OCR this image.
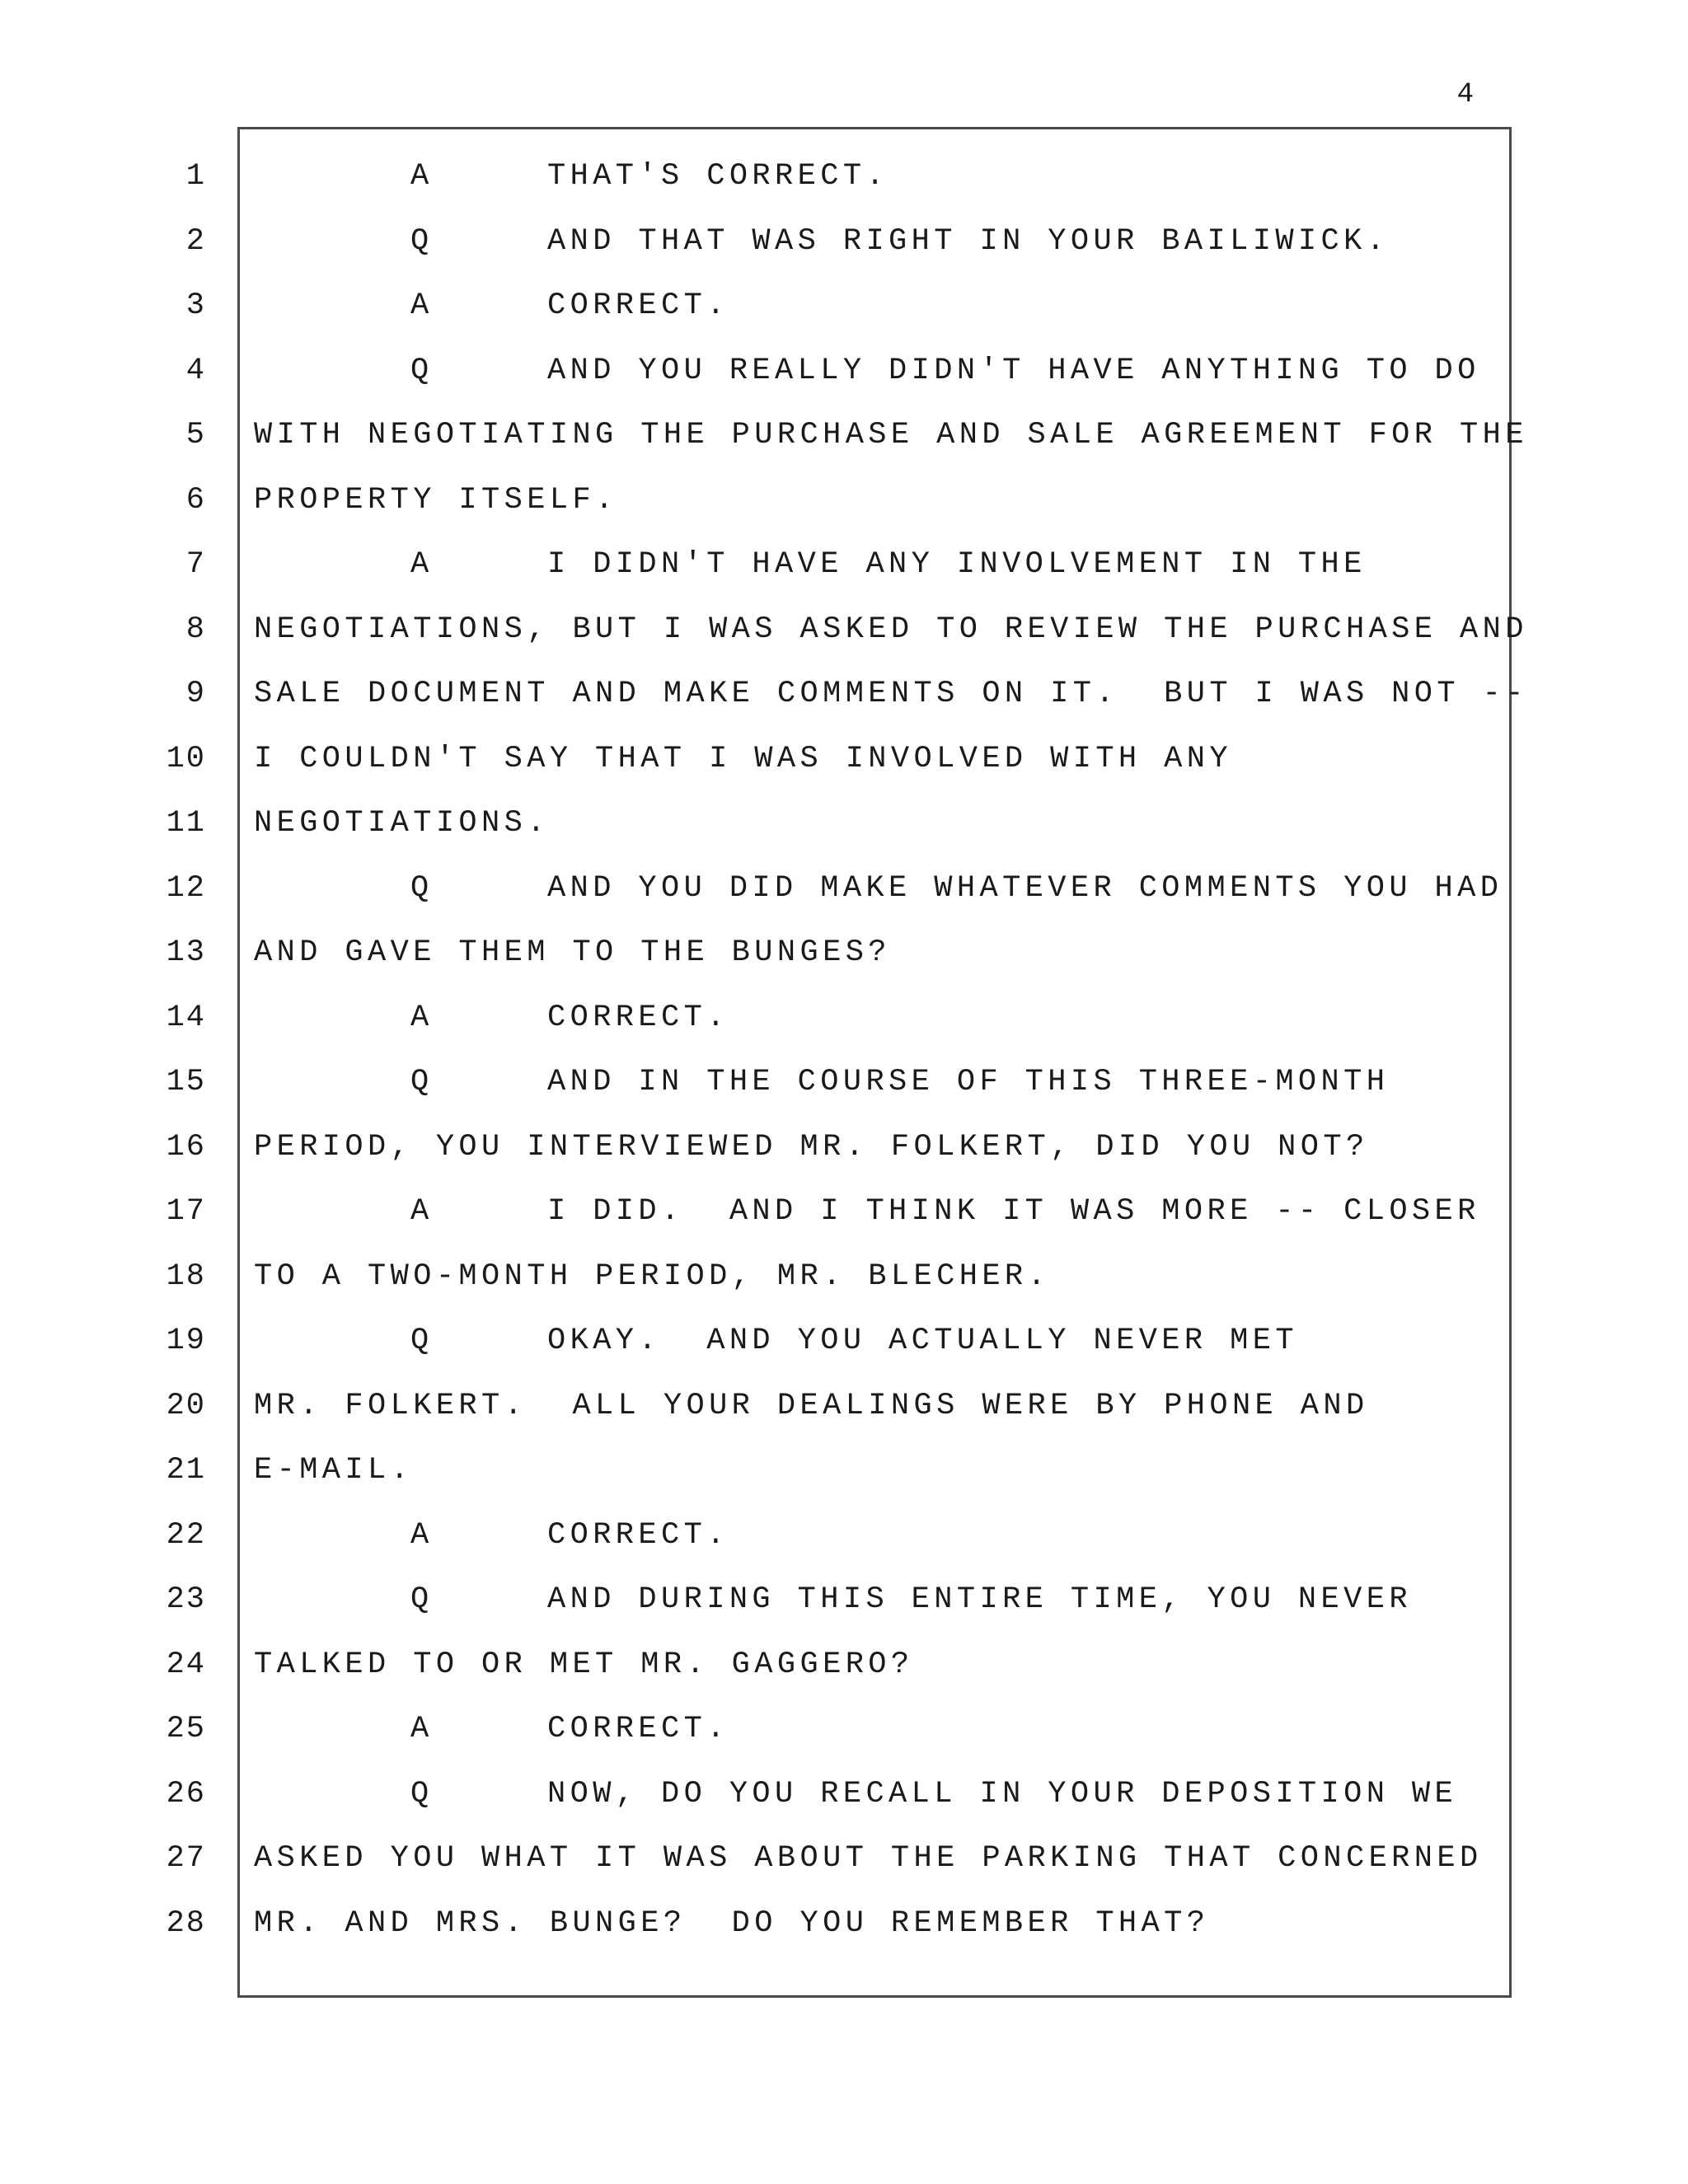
4
1	A	THAT'S CORRECT.
2	Q	AND THAT WAS RIGHT IN YOUR BAILIWICK.
3	A	CORRECT.
4	Q	AND YOU REALLY DIDN'T HAVE ANYTHING TO DO
5 WITH NEGOTIATING THE PURCHASE AND SALE AGREEMENT FOR THE
6 PROPERTY ITSELF.
7	A	I DIDN'T HAVE ANY INVOLVEMENT IN THE
8 NEGOTIATIONS, BUT I WAS ASKED TO REVIEW THE PURCHASE AND
9 SALE DOCUMENT AND MAKE COMMENTS ON IT.  BUT I WAS NOT --
10 I COULDN'T SAY THAT I WAS INVOLVED WITH ANY
11 NEGOTIATIONS.
12	Q	AND YOU DID MAKE WHATEVER COMMENTS YOU HAD
13 AND GAVE THEM TO THE BUNGES?
14	A	CORRECT.
15	Q	AND IN THE COURSE OF THIS THREE-MONTH
16 PERIOD, YOU INTERVIEWED MR. FOLKERT, DID YOU NOT?
17	A	I DID.  AND I THINK IT WAS MORE -- CLOSER
18 TO A TWO-MONTH PERIOD, MR. BLECHER.
19	Q	OKAY.  AND YOU ACTUALLY NEVER MET
20 MR. FOLKERT.  ALL YOUR DEALINGS WERE BY PHONE AND
21 E-MAIL.
22	A	CORRECT.
23	Q	AND DURING THIS ENTIRE TIME, YOU NEVER
24 TALKED TO OR MET MR. GAGGERO?
25	A	CORRECT.
26	Q	NOW, DO YOU RECALL IN YOUR DEPOSITION WE
27 ASKED YOU WHAT IT WAS ABOUT THE PARKING THAT CONCERNED
28 MR. AND MRS. BUNGE?  DO YOU REMEMBER THAT?
